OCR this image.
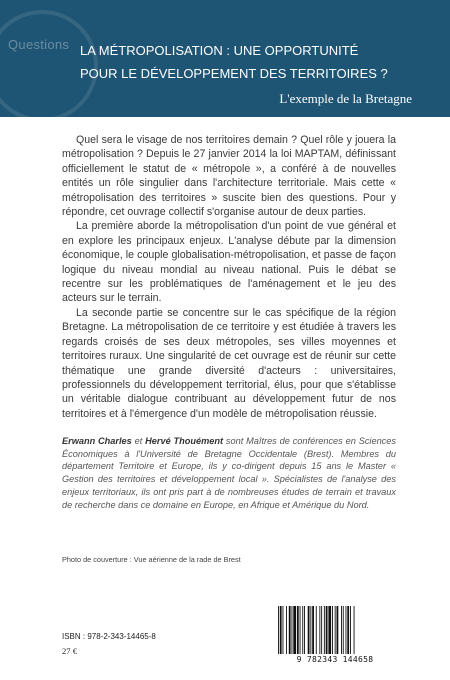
Questions LA MÉTROPOLISATION : UNE OPPORTUNITÉ
POUR LE DÉVELOPPEMENT DES TERRITOIRES ?
L'exemple de la Bretagne

Quel sera le visage de nos territoires demain ? Quel rôle y jouera la métropolisation ? Depuis le 27 janvier 2014 la loi MAPTAM, définissant officiellement le statut de « métropole », a conféré à de nouvelles entités un rôle singulier dans l'architecture territoriale. Mais cette « métropolisation des territoires » suscite bien des questions. Pour y répondre, cet ouvrage collectif s'organise autour de deux parties.

La première aborde la métropolisation d'un point de vue général et en explore les principaux enjeux. L'analyse débute par la dimension économique, le couple globalisation-métropolisation, et passe de façon logique du niveau mondial au niveau national. Puis le débat se recentre sur les problématiques de l'aménagement et le jeu des acteurs sur le terrain.

La seconde partie se concentre sur le cas spécifique de la région Bretagne. La métropolisation de ce territoire y est étudiée à travers les regards croisés de ses deux métropoles, ses villes moyennes et territoires ruraux. Une singularité de cet ouvrage est de réunir sur cette thématique une grande diversité d'acteurs : universitaires, professionnels du développement territorial, élus, pour que s'établisse un véritable dialogue contribuant au développement futur de nos territoires et à l'émergence d'un modèle de métropolisation réussie.

Erwann Charles et Hervé Thouément sont Maîtres de conférences en Sciences Économiques à l'Université de Bretagne Occidentale (Brest). Membres du département Territoire et Europe, ils y co-dirigent depuis 15 ans le Master « Gestion des territoires et développement local ». Spécialistes de l'analyse des enjeux territoriaux, ils ont pris part à de nombreuses études de terrain et travaux de recherche dans ce domaine en Europe, en Afrique et Amérique du Nord.
Photo de couverture : Vue aérienne de la rade de Brest
ISBN : 978-2-343-14465-8
27 €
9 782343 144658
